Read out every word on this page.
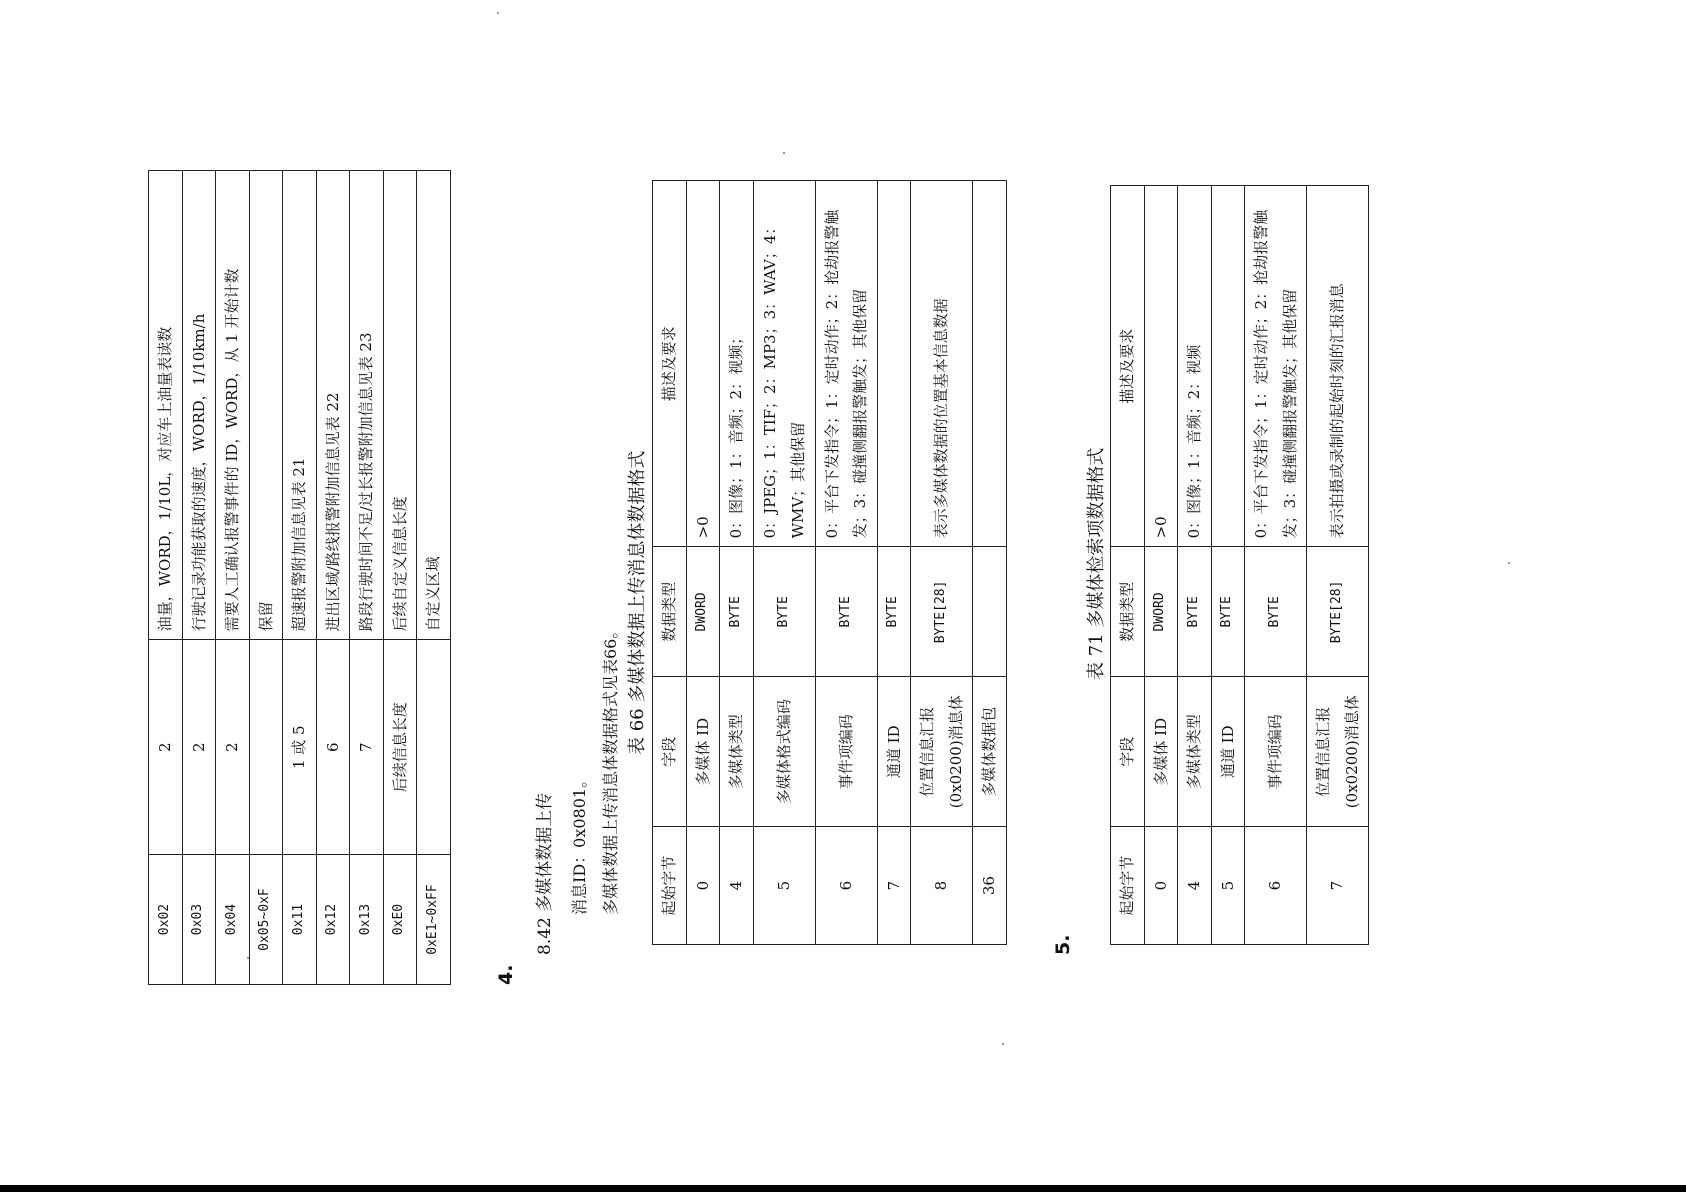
0x02	2	油量，WORD，1/10L，对应车上油量表读数
0x03	2	行驶记录功能获取的速度，WORD，1/10km/h
0x04	2	需要人工确认报警事件的 ID，WORD，从 1 开始计数
0x05~0xF		保留
0x11	1 或 5	超速报警附加信息见表 21
0x12	6	进出区域/路线报警附加信息见表 22
0x13	7	路段行驶时间不足/过长报警附加信息见表 23
0xE0	后续信息长度	后续自定义信息长度
0xE1~0xFF		自定义区域
4.
8.42 多媒体数据上传 消息ID：0x0801。 多媒体数据上传消息体数据格式见表66。
表 66 多媒体数据上传消息体数据格式
起始字节	字段	数据类型	描述及要求
0	多媒体 ID	DWORD	>0
4	多媒体类型	BYTE	0：图像；1：音频；2：视频；
5	多媒体格式编码	BYTE	0：JPEG；1：TIF；2：MP3；3：WAV；4：WMV；其他保留
6	事件项编码	BYTE	0：平台下发指令；1：定时动作；2：抢劫报警触发；3：碰撞侧翻报警触发；其他保留
7	通道 ID	BYTE	
8	位置信息汇报(0x0200)消息体	BYTE[28]	表示多媒体数据的位置基本信息数据
36	多媒体数据包		
5.
表 71 多媒体检索项数据格式
起始字节	字段	数据类型	描述及要求
0	多媒体 ID	DWORD	>0
4	多媒体类型	BYTE	0：图像；1：音频；2：视频
5	通道 ID	BYTE	
6	事件项编码	BYTE	0：平台下发指令；1：定时动作；2：抢劫报警触发；3：碰撞侧翻报警触发；其他保留
7	位置信息汇报(0x0200)消息体	BYTE[28]	表示拍摄或录制的起始时刻的汇报消息
